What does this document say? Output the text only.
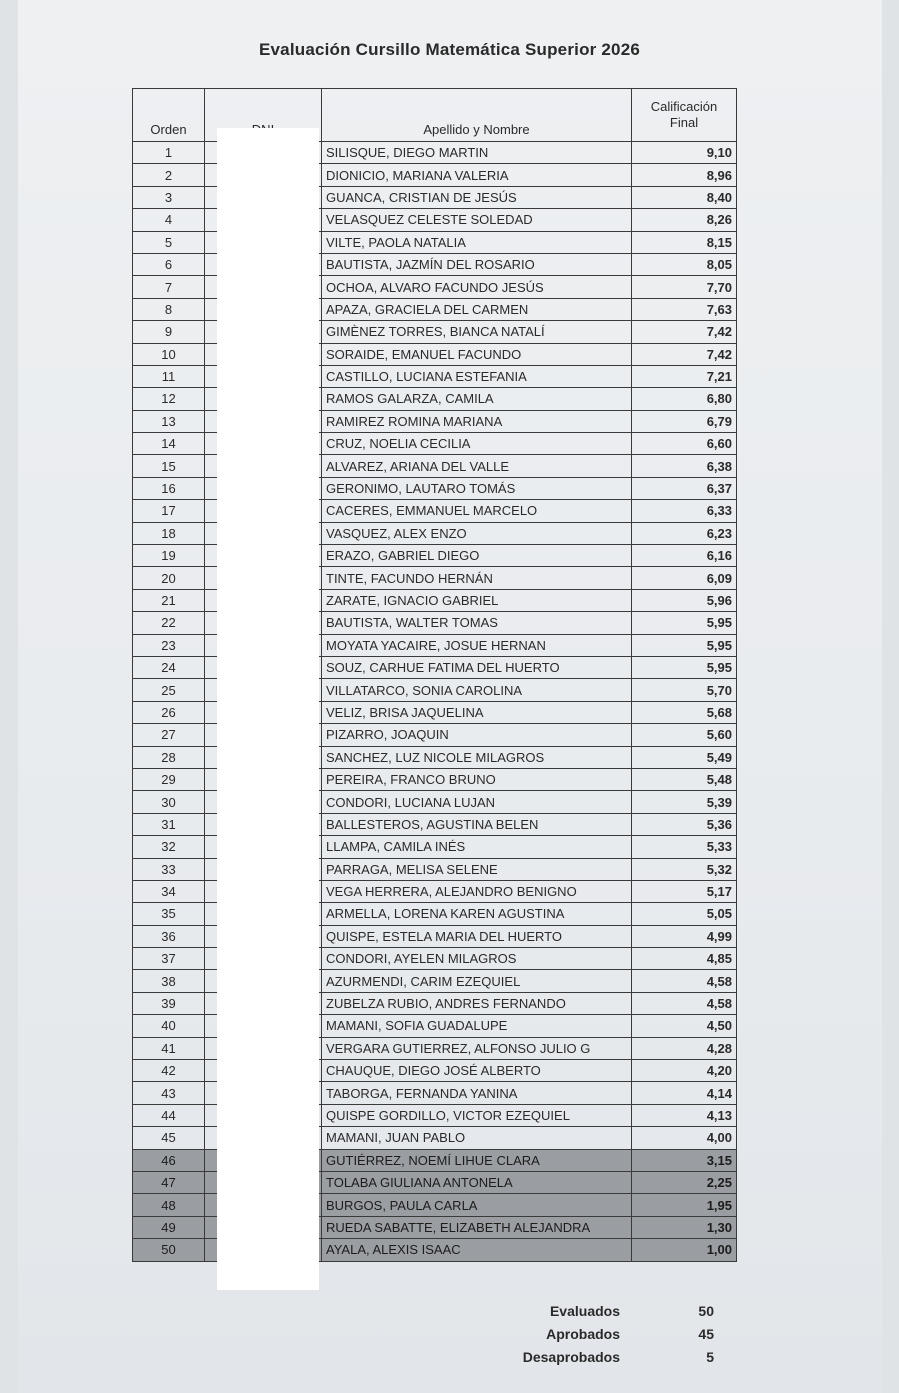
Evaluación Cursillo Matemática Superior 2026
Orden		Apellido y Nombre	Calificación
Final
1		SILISQUE, DIEGO MARTIN	9,10
2		DIONICIO, MARIANA VALERIA	8,96
3		GUANCA, CRISTIAN DE JESÚS	8,40
4		VELASQUEZ CELESTE SOLEDAD	8,26
5		VILTE, PAOLA NATALIA	8,15
6		BAUTISTA, JAZMÍN DEL ROSARIO	8,05
7		OCHOA, ALVARO FACUNDO JESÚS	7,70
8		APAZA, GRACIELA DEL CARMEN	7,63
9		GIMÈNEZ TORRES, BIANCA NATALÍ	7,42
10		SORAIDE, EMANUEL FACUNDO	7,42
11		CASTILLO, LUCIANA ESTEFANIA	7,21
12		RAMOS GALARZA, CAMILA	6,80
13		RAMIREZ ROMINA MARIANA	6,79
14		CRUZ, NOELIA CECILIA	6,60
15		ALVAREZ, ARIANA DEL VALLE	6,38
16		GERONIMO, LAUTARO TOMÁS	6,37
17		CACERES, EMMANUEL MARCELO	6,33
18		VASQUEZ, ALEX ENZO	6,23
19		ERAZO, GABRIEL DIEGO	6,16
20		TINTE, FACUNDO HERNÁN	6,09
21		ZARATE, IGNACIO GABRIEL	5,96
22		BAUTISTA, WALTER TOMAS	5,95
23		MOYATA YACAIRE, JOSUE HERNAN	5,95
24		SOUZ, CARHUE FATIMA DEL HUERTO	5,95
25		VILLATARCO, SONIA CAROLINA	5,70
26		VELIZ, BRISA JAQUELINA	5,68
27		PIZARRO, JOAQUIN	5,60
28		SANCHEZ, LUZ NICOLE MILAGROS	5,49
29		PEREIRA, FRANCO BRUNO	5,48
30		CONDORI, LUCIANA LUJAN	5,39
31		BALLESTEROS, AGUSTINA BELEN	5,36
32		LLAMPA, CAMILA INÉS	5,33
33		PARRAGA, MELISA SELENE	5,32
34		VEGA HERRERA, ALEJANDRO BENIGNO	5,17
35		ARMELLA, LORENA KAREN AGUSTINA	5,05
36		QUISPE, ESTELA MARIA DEL HUERTO	4,99
37		CONDORI, AYELEN MILAGROS	4,85
38		AZURMENDI, CARIM EZEQUIEL	4,58
39		ZUBELZA RUBIO, ANDRES FERNANDO	4,58
40		MAMANI, SOFIA GUADALUPE	4,50
41		VERGARA GUTIERREZ, ALFONSO JULIO G	4,28
42		CHAUQUE, DIEGO JOSÉ ALBERTO	4,20
43		TABORGA, FERNANDA YANINA	4,14
44		QUISPE GORDILLO, VICTOR EZEQUIEL	4,13
45		MAMANI, JUAN PABLO	4,00
46		GUTIÉRREZ, NOEMÍ LIHUE CLARA	3,15
47		TOLABA GIULIANA ANTONELA	2,25
48		BURGOS, PAULA CARLA	1,95
49		RUEDA SABATTE, ELIZABETH ALEJANDRA	1,30
50		AYALA, ALEXIS ISAAC	1,00
Evaluados	50
Aprobados	45
Desaprobados	5
